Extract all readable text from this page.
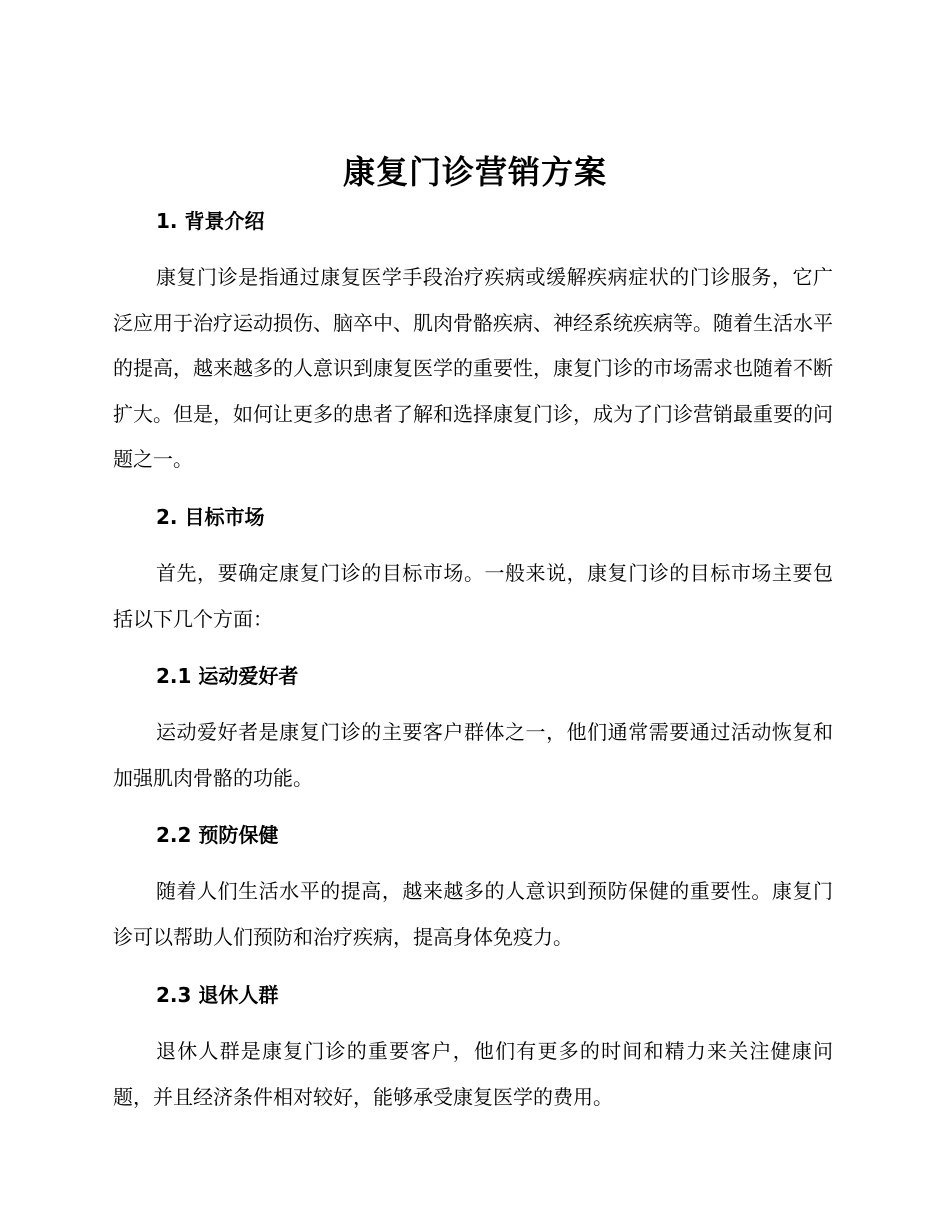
康复门诊营销方案
1. 背景介绍

康复门诊是指通过康复医学手段治疗疾病或缓解疾病症状的门诊服务，它广泛应用于治疗运动损伤、脑卒中、肌肉骨骼疾病、神经系统疾病等。随着生活水平的提高，越来越多的人意识到康复医学的重要性，康复门诊的市场需求也随着不断扩大。但是，如何让更多的患者了解和选择康复门诊，成为了门诊营销最重要的问题之一。

2. 目标市场

首先，要确定康复门诊的目标市场。一般来说，康复门诊的目标市场主要包括以下几个方面：

2.1 运动爱好者

运动爱好者是康复门诊的主要客户群体之一，他们通常需要通过活动恢复和加强肌肉骨骼的功能。

2.2 预防保健

随着人们生活水平的提高，越来越多的人意识到预防保健的重要性。康复门诊可以帮助人们预防和治疗疾病，提高身体免疫力。

2.3 退休人群

退休人群是康复门诊的重要客户，他们有更多的时间和精力来关注健康问题，并且经济条件相对较好，能够承受康复医学的费用。
